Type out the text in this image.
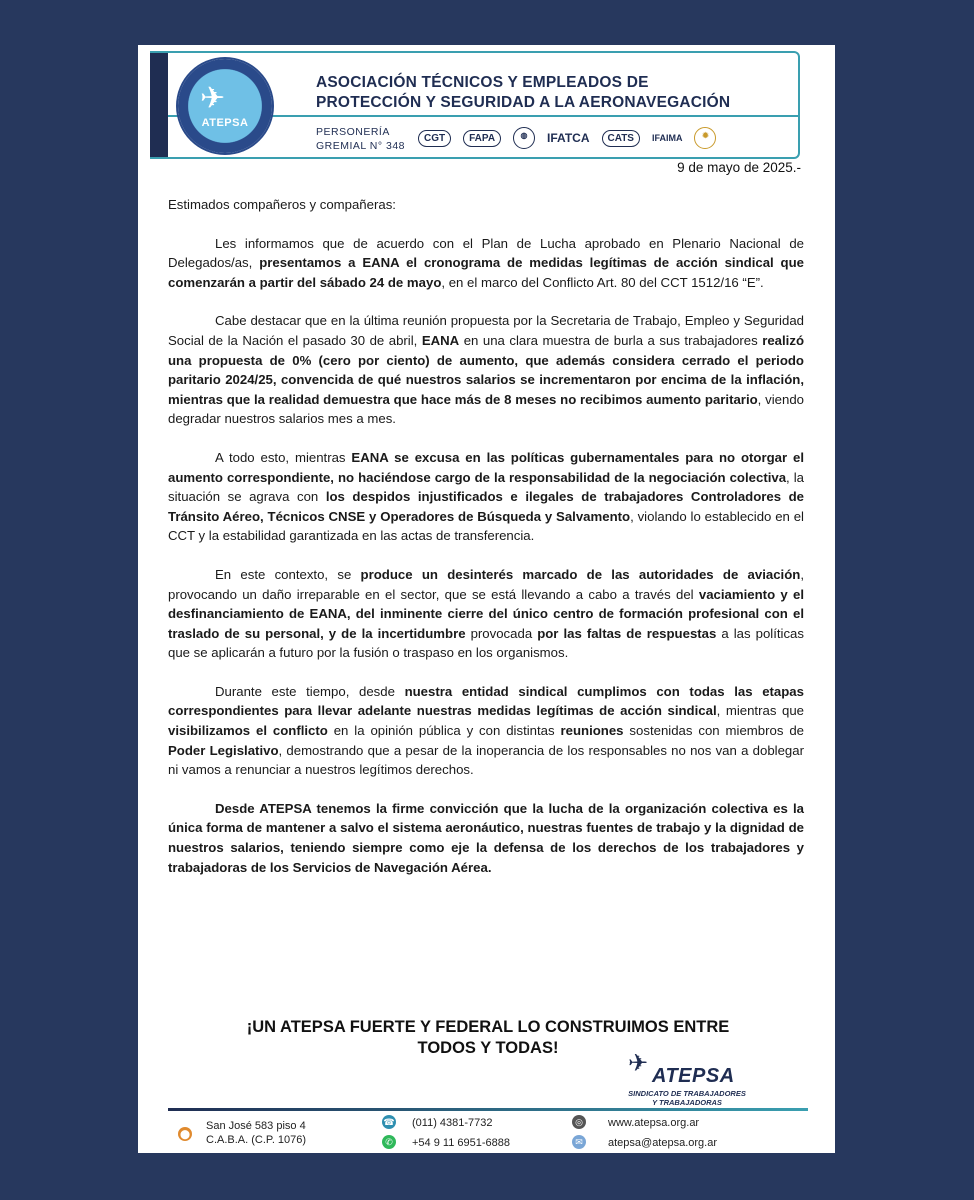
✈
ATEPSA
ASOCIACIÓN TÉCNICOS Y EMPLEADOS DE
PROTECCIÓN Y SEGURIDAD A LA AERONAVEGACIÓN
PERSONERÍA
GREMIAL N° 348
CGT	FAPA	◍	IFATCA	CATS	IFAIMA	✹
9 de mayo de 2025.-

Estimados compañeros y compañeras:

Les informamos que de acuerdo con el Plan de Lucha aprobado en Plenario Nacional de Delegados/as, presentamos a EANA el cronograma de medidas legítimas de acción sindical que comenzarán a partir del sábado 24 de mayo, en el marco del Conflicto Art. 80 del CCT 1512/16 “E”.

Cabe destacar que en la última reunión propuesta por la Secretaria de Trabajo, Empleo y Seguridad Social de la Nación el pasado 30 de abril, EANA en una clara muestra de burla a sus trabajadores realizó una propuesta de 0% (cero por ciento) de aumento, que además considera cerrado el periodo paritario 2024/25, convencida de qué nuestros salarios se incrementaron por encima de la inflación, mientras que la realidad demuestra que hace más de 8 meses no recibimos aumento paritario, viendo degradar nuestros salarios mes a mes.

A todo esto, mientras EANA se excusa en las políticas gubernamentales para no otorgar el aumento correspondiente, no haciéndose cargo de la responsabilidad de la negociación colectiva, la situación se agrava con los despidos injustificados e ilegales de trabajadores Controladores de Tránsito Aéreo, Técnicos CNSE y Operadores de Búsqueda y Salvamento, violando lo establecido en el CCT y la estabilidad garantizada en las actas de transferencia.

En este contexto, se produce un desinterés marcado de las autoridades de aviación, provocando un daño irreparable en el sector, que se está llevando a cabo a través del vaciamiento y el desfinanciamiento de EANA, del inminente cierre del único centro de formación profesional con el traslado de su personal, y de la incertidumbre provocada por las faltas de respuestas a las políticas que se aplicarán a futuro por la fusión o traspaso en los organismos.

Durante este tiempo, desde nuestra entidad sindical cumplimos con todas las etapas correspondientes para llevar adelante nuestras medidas legítimas de acción sindical, mientras que visibilizamos el conflicto en la opinión pública y con distintas reuniones sostenidas con miembros de Poder Legislativo, demostrando que a pesar de la inoperancia de los responsables no nos van a doblegar ni vamos a renunciar a nuestros legítimos derechos.

Desde ATEPSA tenemos la firme convicción que la lucha de la organización colectiva es la única forma de mantener a salvo el sistema aeronáutico, nuestras fuentes de trabajo y la dignidad de nuestros salarios, teniendo siempre como eje la defensa de los derechos de los trabajadores y trabajadoras de los Servicios de Navegación Aérea.

¡UN ATEPSA FUERTE Y FEDERAL LO CONSTRUIMOS ENTRE
TODOS Y TODAS!
✈ ATEPSA
SINDICATO DE TRABAJADORES
Y TRABAJADORAS
⬤
San José 583 piso 4
C.A.B.A. (C.P. 1076)
☎ (011) 4381-7732
✆ +54 9 11 6951-6888
◎ www.atepsa.org.ar
✉ atepsa@atepsa.org.ar
